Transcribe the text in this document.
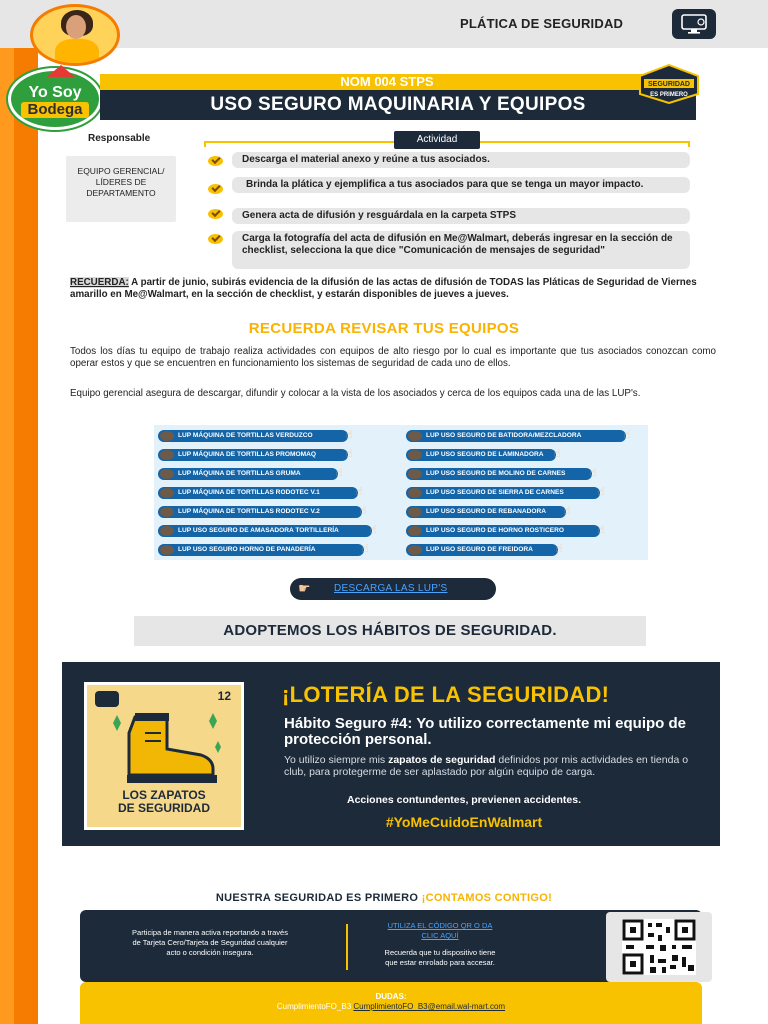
Yo Soy
Bodega
PLÁTICA DE SEGURIDAD
NOM 004 STPS
USO SEGURO MAQUINARIA Y EQUIPOS
SEGURIDAD
ES PRIMERO
Responsable	Actividad
EQUIPO GERENCIAL/ LÍDERES DE DEPARTAMENTO
Descarga el material anexo y reúne a tus asociados.
Brinda la plática y ejemplifica a tus asociados para que se tenga un mayor impacto.
Genera acta de difusión y resguárdala en la carpeta STPS
Carga la fotografía del acta de difusión en Me@Walmart, deberás ingresar en la sección de checklist, selecciona la que dice "Comunicación de mensajes de seguridad"
RECUERDA: A partir de junio, subirás evidencia de la difusión de las actas de difusión de TODAS las Pláticas de Seguridad de Viernes amarillo en Me@Walmart, en la sección de checklist, y estarán disponibles de jueves a jueves.
RECUERDA REVISAR TUS EQUIPOS
Todos los días tu equipo de trabajo realiza actividades con equipos de alto riesgo por lo cual es importante que tus asociados conozcan como operar estos y que se encuentren en funcionamiento los sistemas de seguridad de cada uno de ellos.
Equipo gerencial asegura de descargar, difundir y colocar a la vista de los asociados y cerca de los equipos cada una de las LUP's.
LUP MÁQUINA DE TORTILLAS VERDUZCO	☝
LUP MÁQUINA DE TORTILLAS PROMOMAQ	☝
LUP MÁQUINA DE TORTILLAS GRUMA	☝
LUP MÁQUINA DE TORTILLAS RODOTEC V.1	☝
LUP MÁQUINA DE TORTILLAS RODOTEC V.2	☝
LUP USO SEGURO DE AMASADORA TORTILLERÍA	☝
LUP USO SEGURO HORNO DE PANADERÍA	☝
LUP USO SEGURO DE BATIDORA/MEZCLADORA	☝
LUP USO SEGURO DE LAMINADORA ☝
LUP USO SEGURO DE MOLINO DE CARNES ☝
LUP USO SEGURO DE SIERRA DE CARNES	☝
LUP USO SEGURO DE REBANADORA ☝
LUP USO SEGURO DE HORNO ROSTICERO	☝
LUP USO SEGURO DE FREIDORA ☝
☛ DESCARGA LAS LUP'S
ADOPTEMOS LOS HÁBITOS DE SEGURIDAD.
12
LOS ZAPATOS
DE SEGURIDAD
¡LOTERÍA DE LA SEGURIDAD!
Hábito Seguro #4: Yo utilizo correctamente mi equipo de protección personal.
Yo utilizo siempre mis zapatos de seguridad definidos por mis actividades en tienda o club, para protegerme de ser aplastado por algún equipo de carga.
Acciones contundentes, previenen accidentes.
#YoMeCuidoEnWalmart
NUESTRA SEGURIDAD ES PRIMERO ¡CONTAMOS CONTIGO!
Participa de manera activa reportando a través de Tarjeta Cero/Tarjeta de Seguridad cualquier acto o condición insegura.
UTILIZA EL CÓDIGO QR O DA CLIC AQUÍ
Recuerda que tu dispositivo tiene que estar enrolado para accesar.
DUDAS:
CumplimientoFO_B3 CumplimientoFO_B3@email.wal-mart.com
